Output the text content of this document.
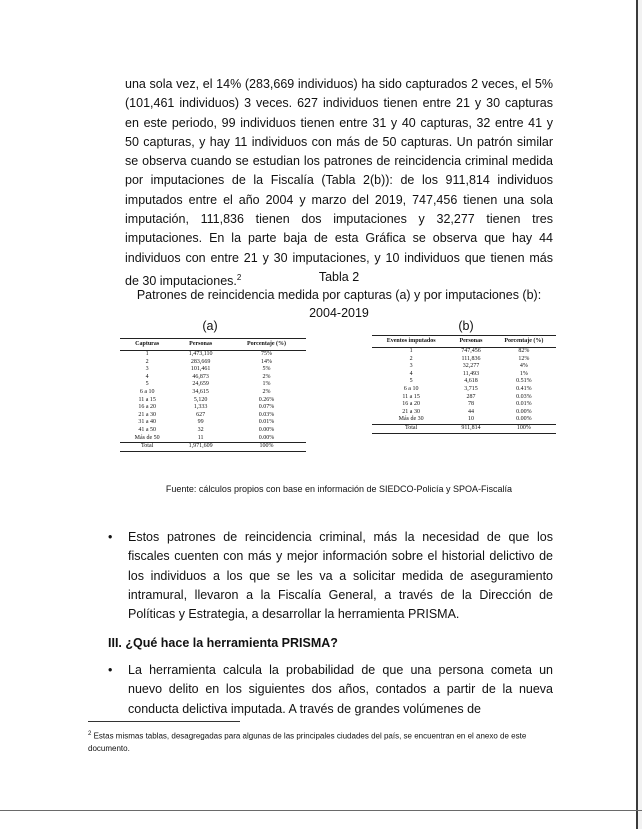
una sola vez, el 14% (283,669 individuos) ha sido capturados 2 veces, el 5% (101,461 individuos) 3 veces. 627 individuos tienen entre 21 y 30 capturas en este periodo, 99 individuos tienen entre 31 y 40 capturas, 32 entre 41 y 50 capturas, y hay 11 individuos con más de 50 capturas. Un patrón similar se observa cuando se estudian los patrones de reincidencia criminal medida por imputaciones de la Fiscalía (Tabla 2(b)): de los 911,814 individuos imputados entre el año 2004 y marzo del 2019, 747,456 tienen una sola imputación, 111,836 tienen dos imputaciones y 32,277 tienen tres imputaciones. En la parte baja de esta Gráfica se observa que hay 44 individuos con entre 21 y 30 imputaciones, y 10 individuos que tienen más de 30 imputaciones.$^2$	Tabla 2
Patrones de reincidencia medida por capturas (a) y por imputaciones (b): 2004-2019
(a)	(b)
Capturas	Personas	Porcentaje (%)
1	1,473,110	75%
2	283,669	14%
3	101,461	5%
4	46,873	2%
5	24,659	1%
6 a 10	34,615	2%
11 a 15	5,120	0.26%
16 a 20	1,333	0.07%
21 a 30	627	0.03%
31 a 40	99	0.01%
41 a 50	32	0.00%
Más de 50	11	0.00%
Total	1,971,609	100%
Eventos imputados	Personas	Porcentaje (%)
1	747,456	82%
2	111,836	12%
3	32,277	4%
4	11,493	1%
5	4,618	0.51%
6 a 10	3,715	0.41%
11 a 15	287	0.03%
16 a 20	78	0.01%
21 a 30	44	0.00%
Más de 30	10	0.00%
Total	911,814	100%
Fuente: cálculos propios con base en información de SIEDCO-Policía y SPOA-Fiscalía
• Estos patrones de reincidencia criminal, más la necesidad de que los fiscales cuenten con más y mejor información sobre el historial delictivo de los individuos a los que se les va a solicitar medida de aseguramiento intramural, llevaron a la Fiscalía General, a través de la Dirección de Políticas y Estrategia, a desarrollar la herramienta PRISMA.
III. ¿Qué hace la herramienta PRISMA?
• La herramienta calcula la probabilidad de que una persona cometa un nuevo delito en los siguientes dos años, contados a partir de la nueva conducta delictiva imputada. A través de grandes volúmenes de
$^2$ Estas mismas tablas, desagregadas para algunas de las principales ciudades del país, se encuentran en el anexo de este documento.
